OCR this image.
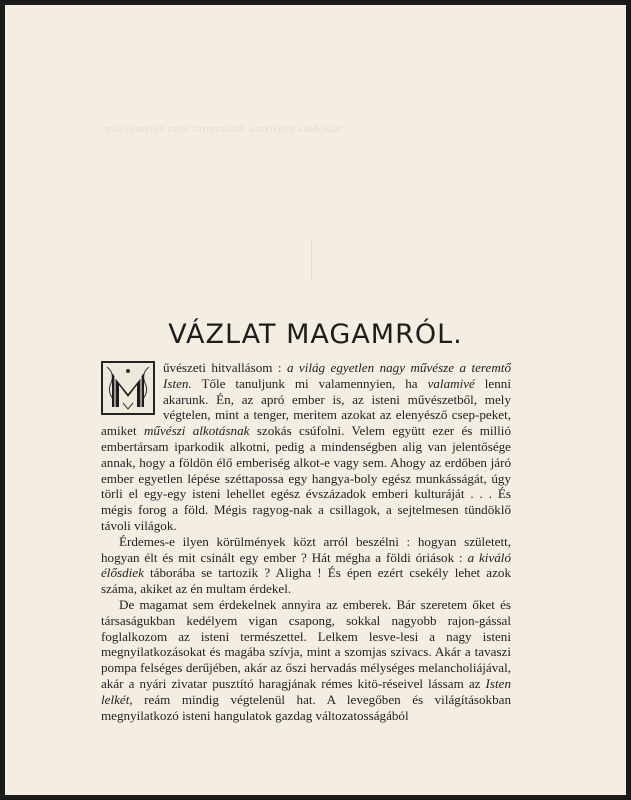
mulvèsesten tatoi tartyrazod, amyilyen aludokat;
VÁZLAT MAGAMRÓL.

űvészeti hitvallásom : a világ egyetlen nagy művésze a teremtő Isten. Tőle tanuljunk mi valamennyien, ha valamivé lenni akarunk. Én, az apró ember is, az isteni művészetből, mely végtelen, mint a tenger, meritem azokat az elenyésző csep-peket, amiket művészi alkotásnak szokás csúfolni. Velem együtt ezer és millió embertársam iparkodik alkotni, pedig a mindenségben alig van jelentősége annak, hogy a földön élő emberiség alkot-e vagy sem. Ahogy az erdőben járó ember egyetlen lépése széttapossa egy hangya-boly egész munkásságát, úgy törli el egy-egy isteni lehellet egész évszázadok emberi kulturáját . . . És mégis forog a föld. Mégis ragyog-nak a csillagok, a sejtelmesen tündöklő távoli világok.

Érdemes-e ilyen körülmények közt arról beszélni : hogyan született, hogyan élt és mit csinált egy ember ? Hát mégha a földi óriások : a kiváló élősdiek táborába se tartozik ? Aligha ! És épen ezért csekély lehet azok száma, akiket az én multam érdekel.

De magamat sem érdekelnek annyira az emberek. Bár szeretem őket és társaságukban kedélyem vigan csapong, sokkal nagyobb rajon-gással foglalkozom az isteni természettel. Lelkem lesve-lesi a nagy isteni megnyilatkozásokat és magába szívja, mint a szomjas szivacs. Akár a tavaszi pompa felséges derűjében, akár az őszi hervadás mélységes melancholiájával, akár a nyári zivatar pusztító haragjának rémes kitö-réseivel lássam az Isten lelkét, reám mindig végtelenül hat. A levegőben és világításokban megnyilatkozó isteni hangulatok gazdag változatosságából
